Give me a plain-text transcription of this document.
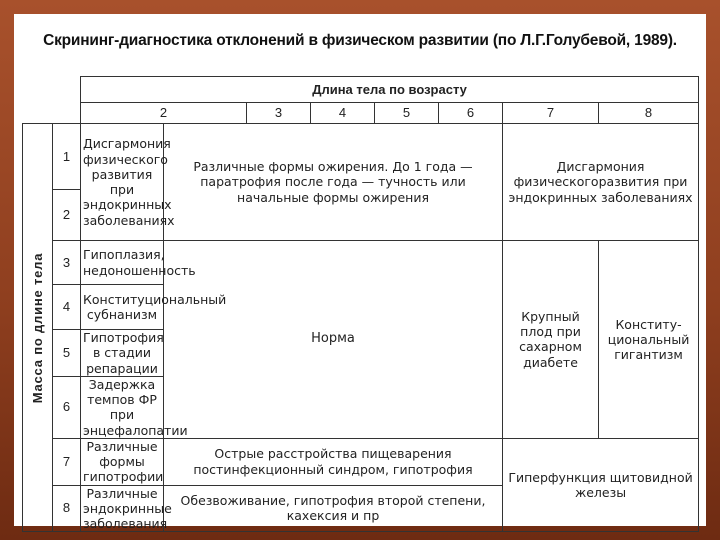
Скрининг-диагностика отклонений в физическом развитии (по Л.Г.Голубевой, 1989).
		Длина тела по возрасту							
		2		3	4	5	6	7	8

Масса по длине тела	1	Дисгармония физического развития при эндокринных заболеваниях	Различные формы ожирения. До 1 года — паратрофия после года — тучность или начальные формы ожирения					Дисгармония физическогоразвития при эндокринных заболеваниях	
	2								
	3	Гипоплазия, недоношенность	Норма					Крупный плод при сахарном диабете	Конститу-циональный гигантизм
	4	Конституциональный субнанизм							
	5	Гипотрофия в стадии репарации							
	6	Задержка темпов ФР при энцефалопатии							
	7	Различные формы гипотрофии	Острые расстройства пищеварения постинфекционный синдром, гипотрофия					Гиперфункция щитовидной железы	
	8	Различные эндокринные заболевания	Обезвоживание, гипотрофия второй степени, кахексия и пр						
